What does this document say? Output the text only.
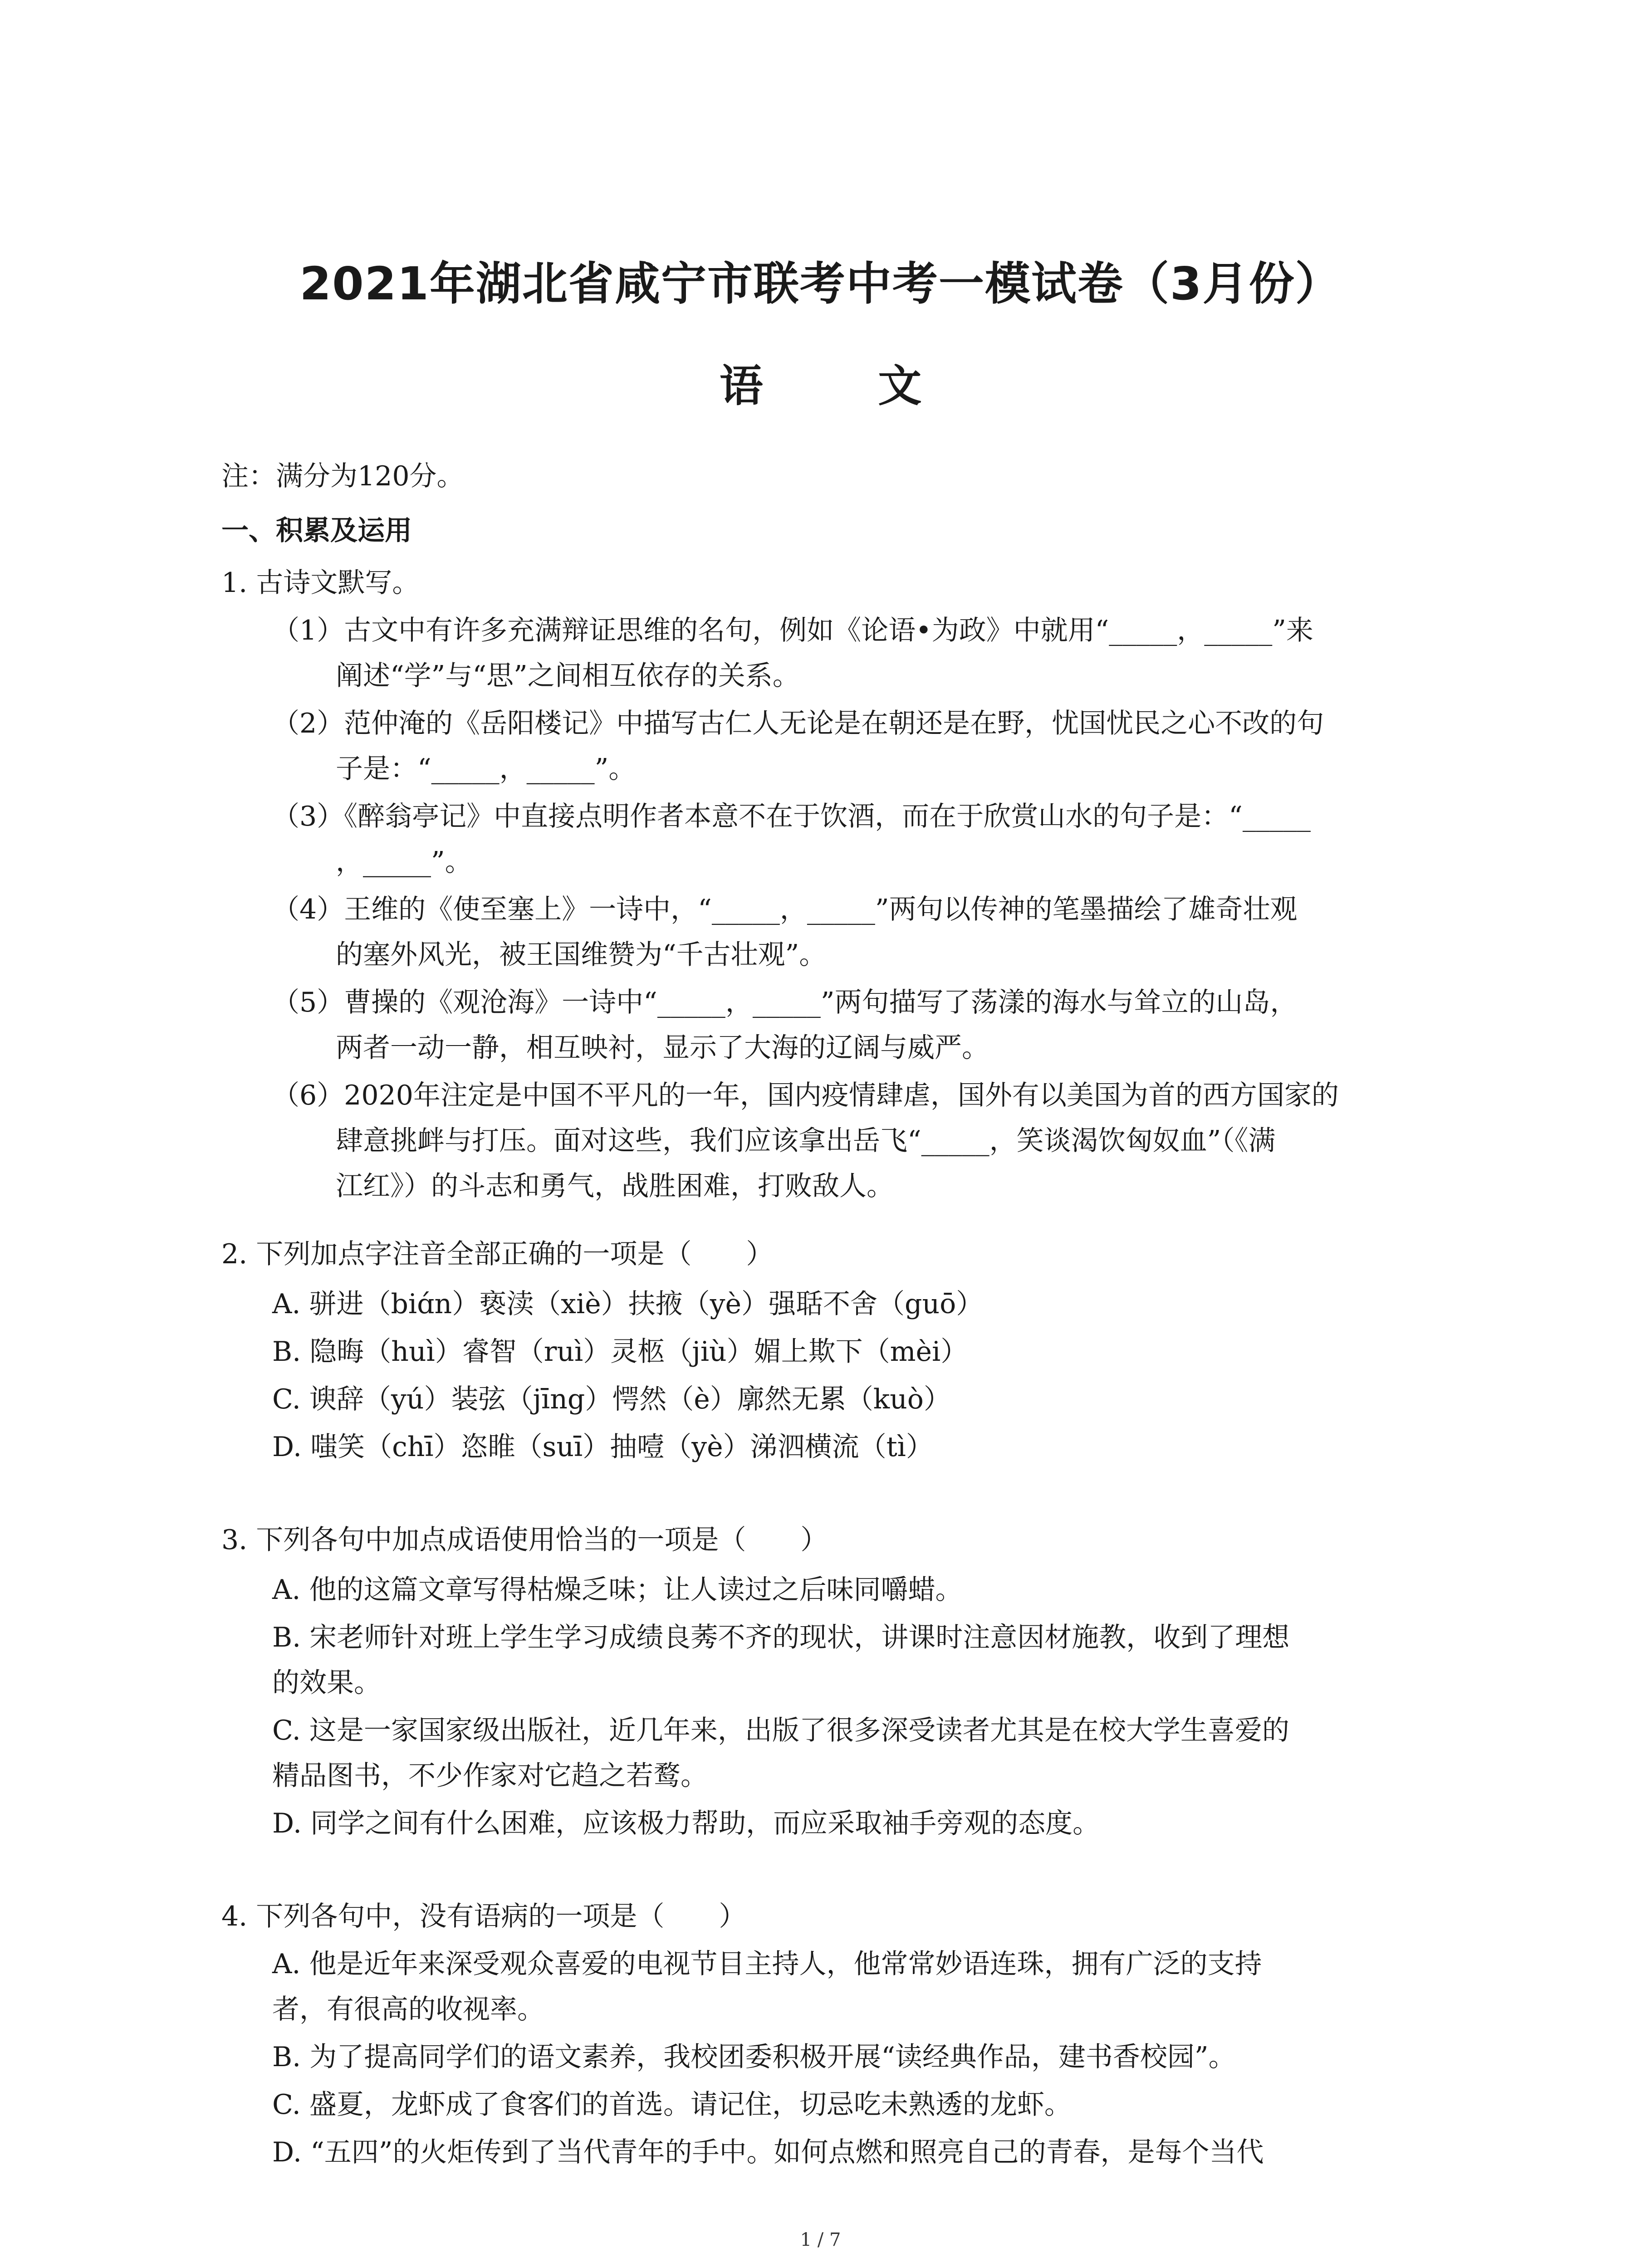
2021年湖北省咸宁市联考中考一模试卷（3月份）
语 文
注：满分为120分。
一、积累及运用
1. 古诗文默写。
（1）古文中有许多充满辩证思维的名句，例如《论语•为政》中就用“_____，_____”来
阐述“学”与“思”之间相互依存的关系。
（2）范仲淹的《岳阳楼记》中描写古仁人无论是在朝还是在野，忧国忧民之心不改的句
子是：“_____，_____”。
（3）《醉翁亭记》中直接点明作者本意不在于饮酒，而在于欣赏山水的句子是：“_____
，_____”。
（4）王维的《使至塞上》一诗中，“_____，_____”两句以传神的笔墨描绘了雄奇壮观
的塞外风光，被王国维赞为“千古壮观”。
（5）曹操的《观沧海》一诗中“_____，_____”两句描写了荡漾的海水与耸立的山岛，
两者一动一静，相互映衬，显示了大海的辽阔与威严。
（6）2020年注定是中国不平凡的一年，国内疫情肆虐，国外有以美国为首的西方国家的
肆意挑衅与打压。面对这些，我们应该拿出岳飞“_____，笑谈渴饮匈奴血”（《满
江红》）的斗志和勇气，战胜困难，打败敌人。
2. 下列加点字注音全部正确的一项是（　　）
A. 骈进（biɑ́n）亵渎（xiè）扶掖（yè）强聒不舍（guō）
B. 隐晦（huì）睿智（ruì）灵柩（jiù）媚上欺下（mèi）
C. 谀辞（yú）装弦（jīng）愕然（è）廓然无累（kuò）
D. 嗤笑（chī）恣睢（suī）抽噎（yè）涕泗横流（tì）
3. 下列各句中加点成语使用恰当的一项是（　　）
A. 他的这篇文章写得枯燥乏味；让人读过之后味同嚼蜡。
B. 宋老师针对班上学生学习成绩良莠不齐的现状，讲课时注意因材施教，收到了理想
的效果。
C. 这是一家国家级出版社，近几年来，出版了很多深受读者尤其是在校大学生喜爱的
精品图书，不少作家对它趋之若鹜。
D. 同学之间有什么困难，应该极力帮助，而应采取袖手旁观的态度。
4. 下列各句中，没有语病的一项是（　　）
A. 他是近年来深受观众喜爱的电视节目主持人，他常常妙语连珠，拥有广泛的支持
者，有很高的收视率。
B. 为了提高同学们的语文素养，我校团委积极开展“读经典作品，建书香校园”。
C. 盛夏，龙虾成了食客们的首选。请记住，切忌吃未熟透的龙虾。
D. “五四”的火炬传到了当代青年的手中。如何点燃和照亮自己的青春，是每个当代
1 / 7
